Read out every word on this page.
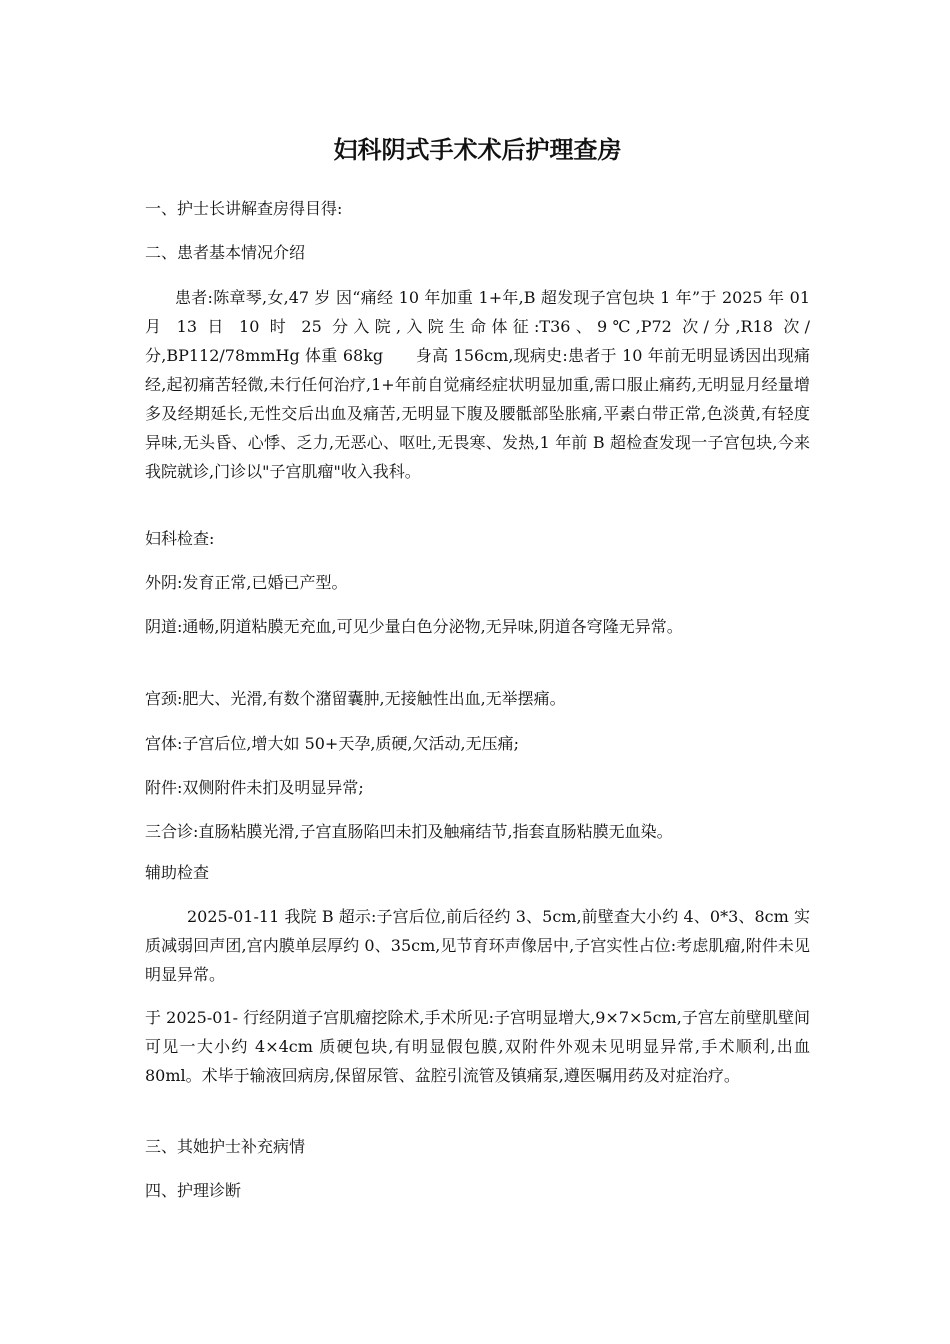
妇科阴式手术术后护理查房

一、护士长讲解查房得目得:

二、患者基本情况介绍

患者:陈章琴,女,47 岁 因“痛经 10 年加重 1+年,B 超发现子宫包块 1 年”于 2025 年 01 月 13 日 10 时 25 分入院,入院生命体征:T36、9℃,P72 次/分,R18 次/分,BP112/78mmHg 体重 68kg　　身高 156cm,现病史:患者于 10 年前无明显诱因出现痛经,起初痛苦轻微,未行任何治疗,1+年前自觉痛经症状明显加重,需口服止痛药,无明显月经量增多及经期延长,无性交后出血及痛苦,无明显下腹及腰骶部坠胀痛,平素白带正常,色淡黄,有轻度异味,无头昏、心悸、乏力,无恶心、呕吐,无畏寒、发热,1 年前 B 超检查发现一子宫包块,今来我院就诊,门诊以"子宫肌瘤"收入我科。

妇科检查:

外阴:发育正常,已婚已产型。

阴道:通畅,阴道粘膜无充血,可见少量白色分泌物,无异味,阴道各穹隆无异常。

宫颈:肥大、光滑,有数个潴留囊肿,无接触性出血,无举摆痛。

宫体:子宫后位,增大如 50+天孕,质硬,欠活动,无压痛;

附件:双侧附件未扪及明显异常;

三合诊:直肠粘膜光滑,子宫直肠陷凹未扪及触痛结节,指套直肠粘膜无血染。

辅助检查

2025-01-11 我院 B 超示:子宫后位,前后径约 3、5cm,前壁查大小约 4、0*3、8cm 实质减弱回声团,宫内膜单层厚约 0、35cm,见节育环声像居中,子宫实性占位:考虑肌瘤,附件未见明显异常。

于 2025-01- 行经阴道子宫肌瘤挖除术,手术所见:子宫明显增大,9×7×5cm,子宫左前壁肌壁间可见一大小约 4×4cm 质硬包块,有明显假包膜,双附件外观未见明显异常,手术顺利,出血 80ml。术毕于输液回病房,保留尿管、盆腔引流管及镇痛泵,遵医嘱用药及对症治疗。

三、其她护士补充病情

四、护理诊断
